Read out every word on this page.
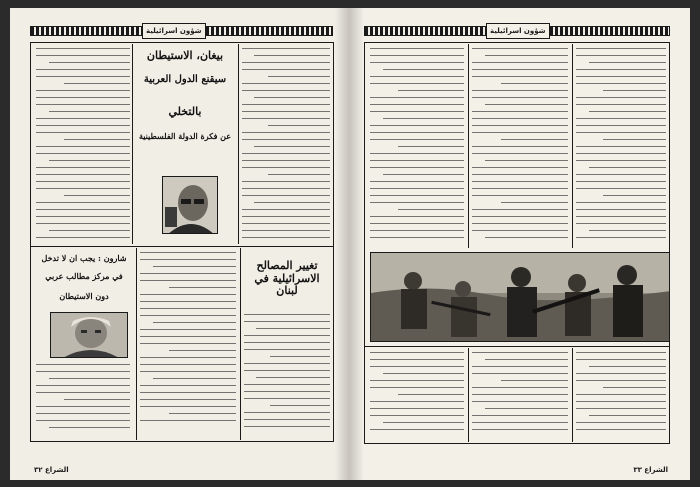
شؤون اسرائيلية
بيغان، الاستيطان
سيقنع الدول العربية
بالتخلي
عن فكرة الدولة الفلسطينية
تغيير المصالح الاسرائيلية في لبنان
شارون : يجب ان لا تدخل
في مركز مطالب عربي
دون الاستيطان
الشراع ٣٢
شؤون اسرائيلية
الشراع ٣٣
